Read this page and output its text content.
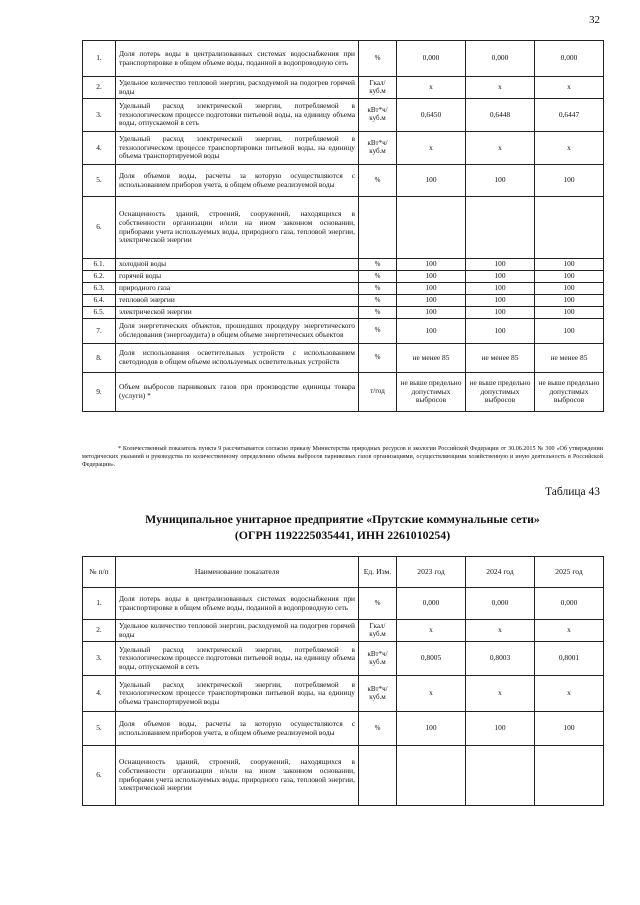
32
1.	Доля потерь воды в централизованных системах водоснабжения при транспортировке в общем объеме воды, поданной в водопроводную сеть	%	0,000	0,000	0,000
2.	Удельное количество тепловой энергии, расходуемой на подогрев горячей воды	Гкал/ куб.м	х	х	х
3.	Удельный расход электрической энергии, потребляемой в технологическом процессе подготовки питьевой воды, на единицу объема воды, отпускаемой в сеть	кВт*ч/ куб.м	0,6450	0,6448	0,6447
4.	Удельный расход электрической энергии, потребляемой в технологическом процессе транспортировки питьевой воды, на единицу объема транспортируемой воды	кВт*ч/ куб.м	х	х	х
5.	Доля объемов воды, расчеты за которую осуществляются с использованием приборов учета, в общем объеме реализуемой воды	%	100	100	100
6.	Оснащенность зданий, строений, сооружений, находящихся в собственности организации и/или на ином законном основании, приборами учета используемых воды, природного газа, тепловой энергии, электрической энергии				
6.1.	холодной воды	%	100	100	100
6.2.	горячей воды	%	100	100	100
6.3.	природного газа	%	100	100	100
6.4.	тепловой энергии	%	100	100	100
6.5.	электрической энергии	%	100	100	100
7.	Доля энергетических объектов, прошедших процедуру энергетического обследования (энергоаудита) в общем объеме энергетических объектов	%	100	100	100
8.	Доля использования осветительных устройств с использованием светодиодов в общем объеме используемых осветительных устройств	%	не менее 85	не менее 85	не менее 85
9.	Объем выбросов парниковых газов при производстве единицы товара (услуги) *	т/год	не выше предельно допустимых выбросов	не выше предельно допустимых выбросов	не выше предельно допустимых выбросов
* Количественный показатель пункта 9 рассчитывается согласно приказу Министерства природных ресурсов и экологии Российской Федерации от 30.06.2015 № 300 «Об утверждении методических указаний и руководства по количественному определению объема выбросов парниковых газов организациями, осуществляющими хозяйственную и иную деятельность в Российской Федерации».
Таблица 43
Муниципальное унитарное предприятие «Прутские коммунальные сети»
(ОГРН 1192225035441, ИНН 2261010254)
№ п/п	Наименование показателя	Ед. Изм.	2023 год	2024 год	2025 год
1.	Доля потерь воды в централизованных системах водоснабжения при транспортировке в общем объеме воды, поданной в водопроводную сеть	%	0,000	0,000	0,000
2.	Удельное количество тепловой энергии, расходуемой на подогрев горячей воды	Гкал/ куб.м	х	х	х
3.	Удельный расход электрической энергии, потребляемой в технологическом процессе подготовки питьевой воды, на единицу объема воды, отпускаемой в сеть	кВт*ч/ куб.м	0,8005	0,8003	0,8001
4.	Удельный расход электрической энергии, потребляемой в технологическом процессе транспортировки питьевой воды, на единицу объема транспортируемой воды	кВт*ч/ куб.м	х	х	х
5.	Доля объемов воды, расчеты за которую осуществляются с использованием приборов учета, в общем объеме реализуемой воды	%	100	100	100
6.	Оснащенность зданий, строений, сооружений, находящихся в собственности организации и/или на ином законном основании, приборами учета используемых воды, природного газа, тепловой энергии, электрической энергии				
